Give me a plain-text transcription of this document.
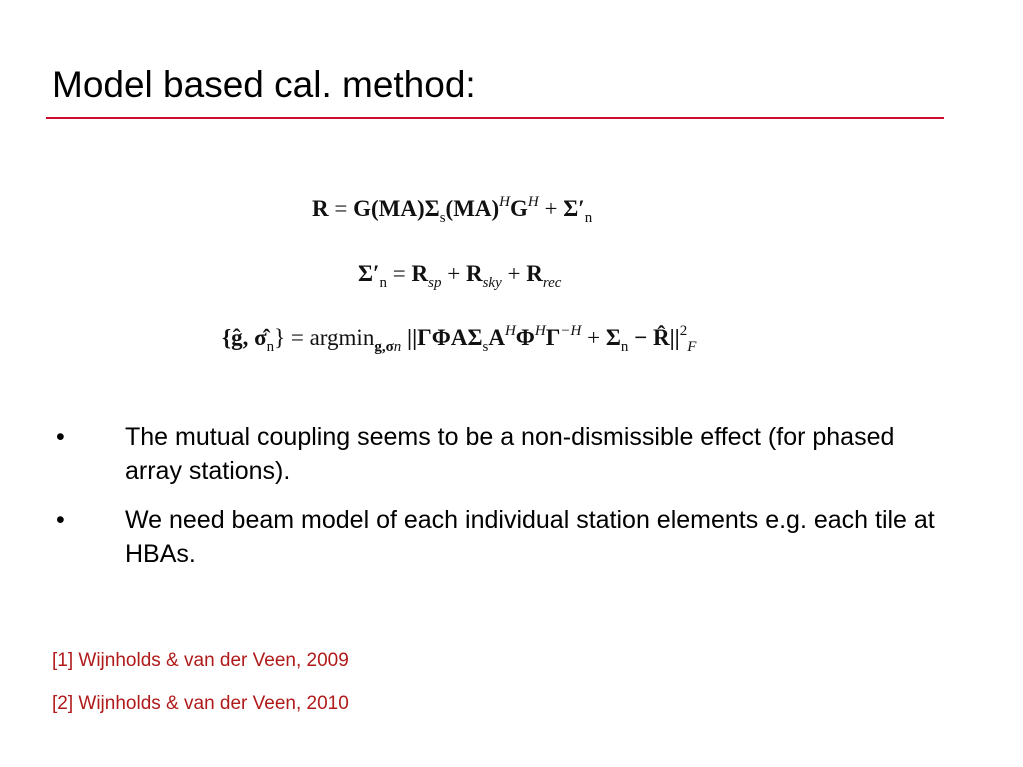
Model based cal. method:
$R = G(MA)\Sigma_s(MA)^HG^H + \Sigma'_n$
$\Sigma'_n = R_{sp} + R_{sky} + R_{rec}$
{ĝ, $\sigmâ_n\} = argmin_{g,\sigma n}$ $||\Gamma\Phi A\Sigma_sA^H\Phi^H\Gamma^{-H} + \Sigma_n$ − $R̂||^2_F$
•	The mutual coupling seems to be a non-dismissible effect (for phased array stations).
•	We need beam model of each individual station elements e.g. each tile at HBAs.
[1] Wijnholds & van der Veen, 2009
[2] Wijnholds & van der Veen, 2010
